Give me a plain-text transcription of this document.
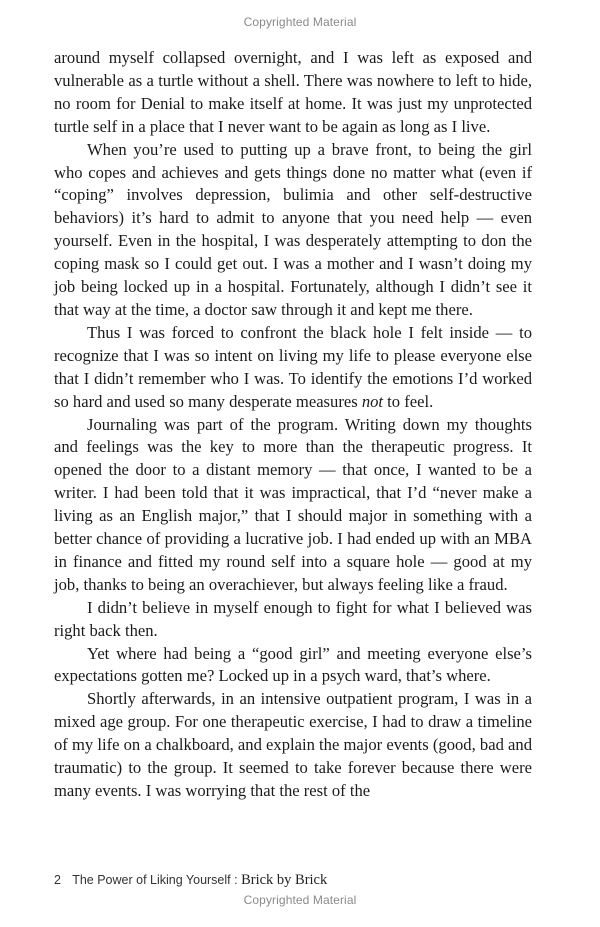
Copyrighted Material

around myself collapsed overnight, and I was left as exposed and vulnerable as a turtle without a shell. There was nowhere to left to hide, no room for Denial to make itself at home. It was just my unprotected turtle self in a place that I never want to be again as long as I live.

When you’re used to putting up a brave front, to being the girl who copes and achieves and gets things done no matter what (even if “coping” involves depression, bulimia and other self-destructive behaviors) it’s hard to admit to anyone that you need help — even yourself. Even in the hospital, I was desperately attempting to don the coping mask so I could get out. I was a mother and I wasn’t doing my job being locked up in a hospital. Fortunately, although I didn’t see it that way at the time, a doctor saw through it and kept me there.

Thus I was forced to confront the black hole I felt inside — to recognize that I was so intent on living my life to please everyone else that I didn’t remember who I was. To identify the emotions I’d worked so hard and used so many desperate measures not to feel.

Journaling was part of the program. Writing down my thoughts and feelings was the key to more than the therapeutic progress. It opened the door to a distant memory — that once, I wanted to be a writer. I had been told that it was impractical, that I’d “never make a living as an English major,” that I should major in something with a better chance of providing a lucrative job. I had ended up with an MBA in finance and fitted my round self into a square hole — good at my job, thanks to being an overachiever, but always feeling like a fraud.

I didn’t believe in myself enough to fight for what I believed was right back then.

Yet where had being a “good girl” and meeting everyone else’s expectations gotten me? Locked up in a psych ward, that’s where.

Shortly afterwards, in an intensive outpatient program, I was in a mixed age group. For one therapeutic exercise, I had to draw a timeline of my life on a chalkboard, and explain the major events (good, bad and traumatic) to the group. It seemed to take forever because there were many events. I was worrying that the rest of the

2 The Power of Liking Yourself : Brick by Brick
Copyrighted Material
